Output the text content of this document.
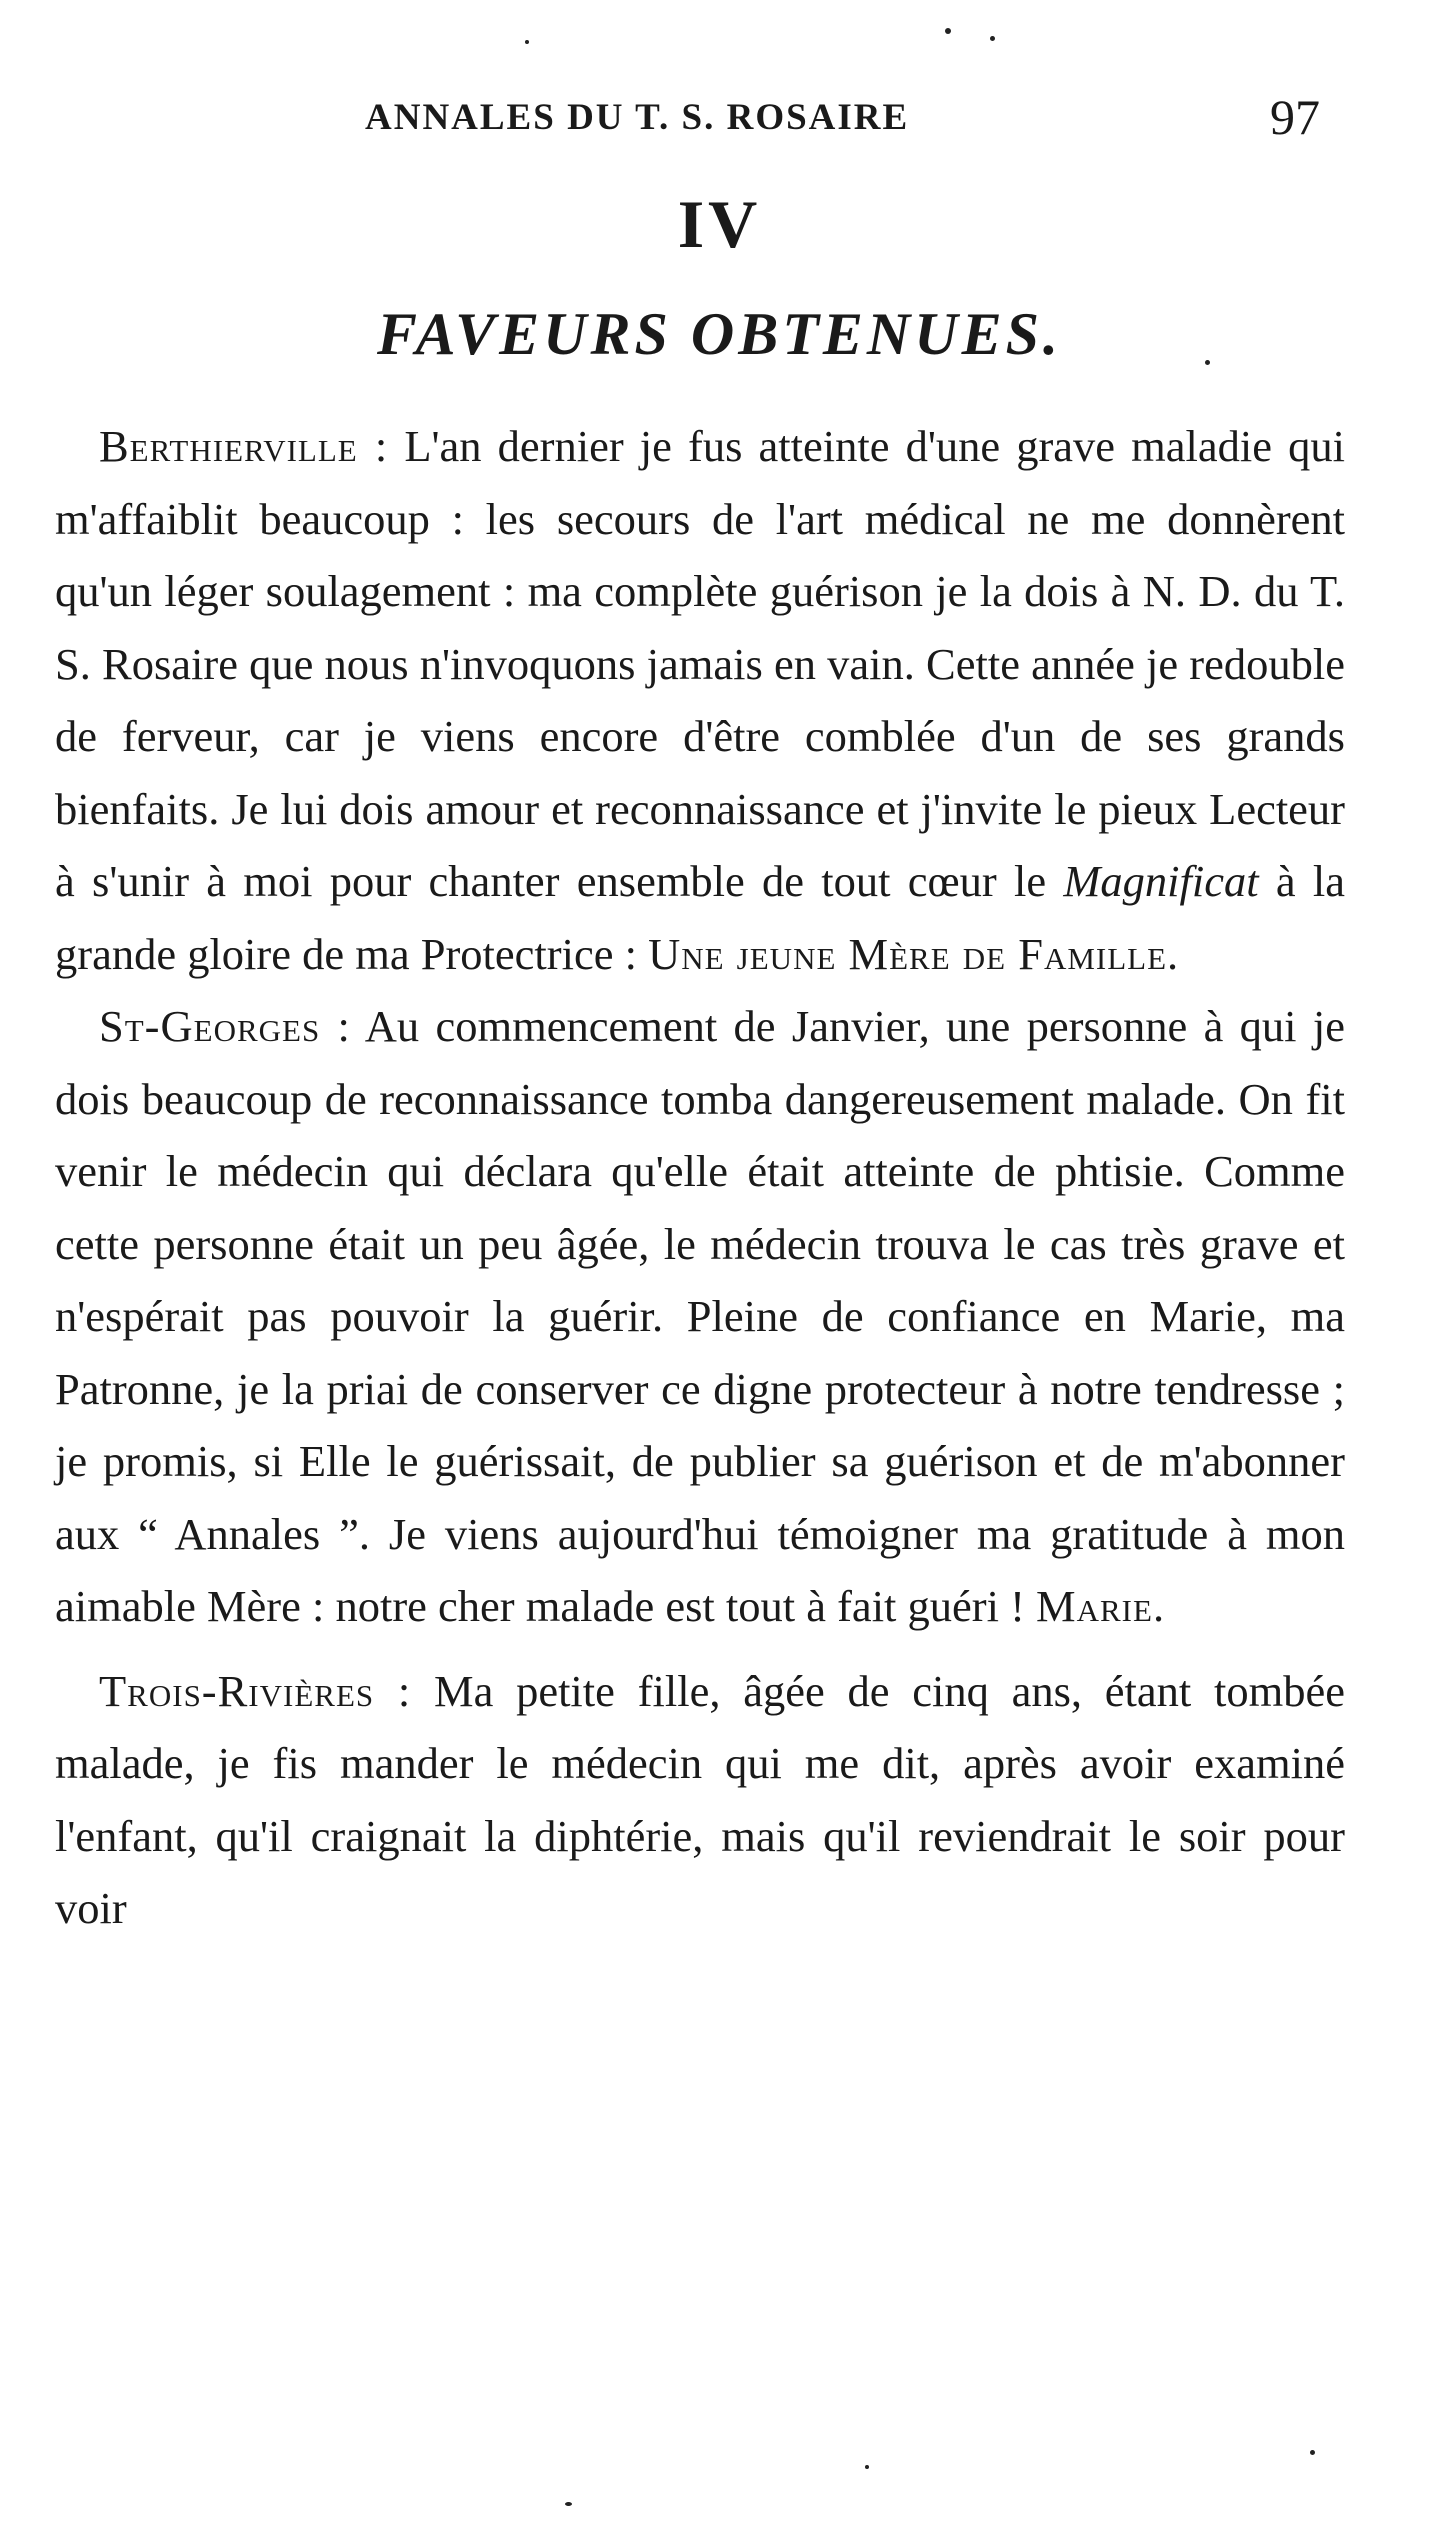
ANNALES DU T. S. ROSAIRE	97
IV
FAVEURS OBTENUES.

Berthierville : L'an dernier je fus atteinte d'une grave maladie qui m'affaiblit beaucoup : les secours de l'art médical ne me donnèrent qu'un léger soulagement : ma complète guérison je la dois à N. D. du T. S. Rosaire que nous n'invoquons jamais en vain. Cette année je redouble de ferveur, car je viens encore d'être comblée d'un de ses grands bienfaits. Je lui dois amour et reconnaissance et j'invite le pieux Lecteur à s'unir à moi pour chanter ensemble de tout cœur le Magnificat à la grande gloire de ma Protectrice : Une jeune Mère de Famille.

St-Georges : Au commencement de Janvier, une personne à qui je dois beaucoup de reconnaissance tomba dangereusement malade. On fit venir le médecin qui déclara qu'elle était atteinte de phtisie. Comme cette personne était un peu âgée, le médecin trouva le cas très grave et n'espérait pas pouvoir la guérir. Pleine de confiance en Marie, ma Patronne, je la priai de conserver ce digne protecteur à notre tendresse ; je promis, si Elle le guérissait, de publier sa guérison et de m'abonner aux “ Annales ”. Je viens aujourd'hui témoigner ma gratitude à mon aimable Mère : notre cher malade est tout à fait guéri ! Marie.

Trois-Rivières : Ma petite fille, âgée de cinq ans, étant tombée malade, je fis mander le médecin qui me dit, après avoir examiné l'enfant, qu'il craignait la diphtérie, mais qu'il reviendrait le soir pour voir
